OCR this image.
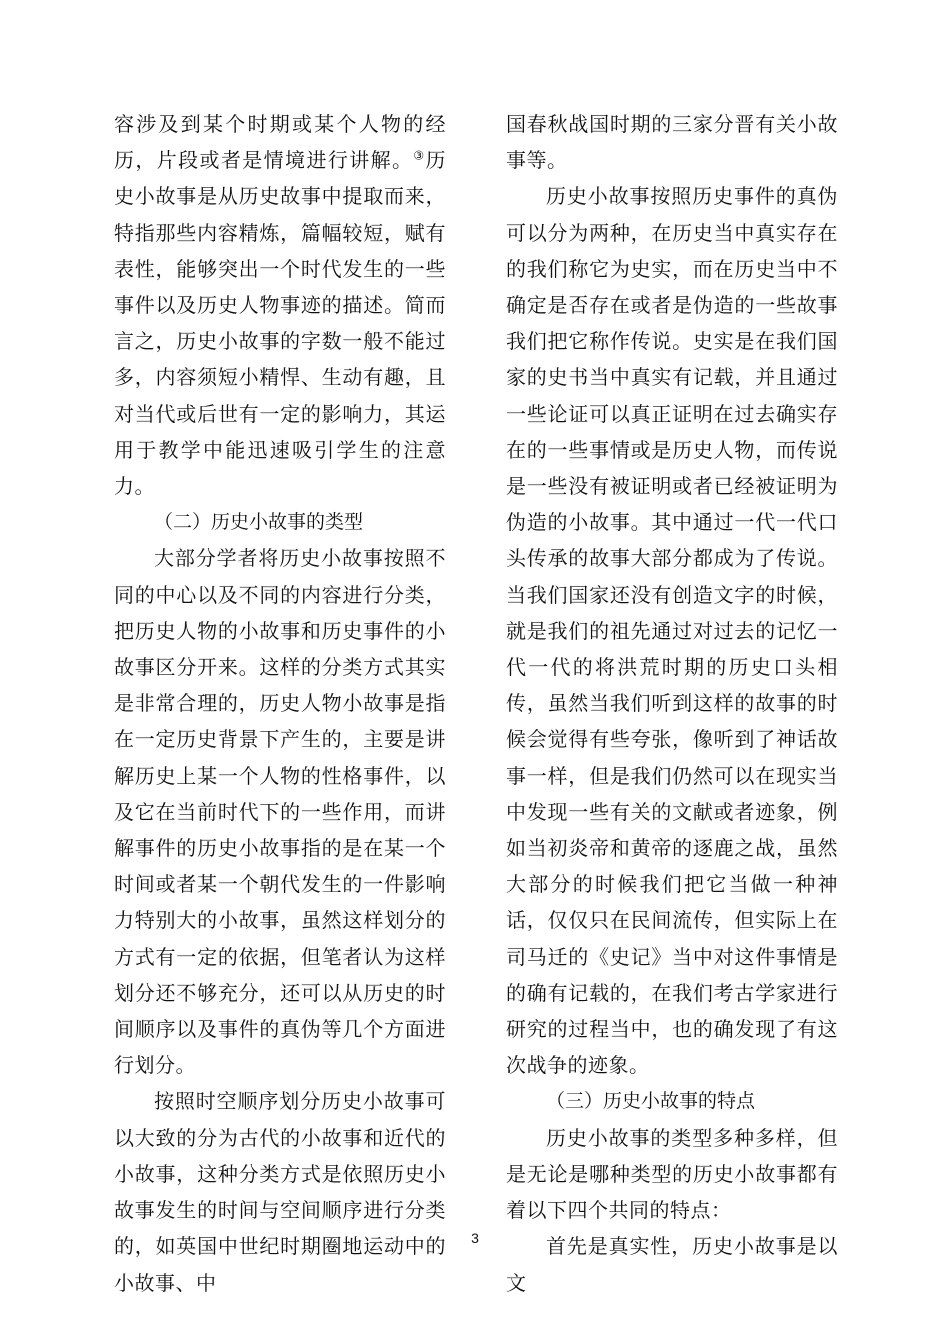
容涉及到某个时期或某个人物的经历，片段或者是情境进行讲解。③历史小故事是从历史故事中提取而来，特指那些内容精炼，篇幅较短，赋有表性，能够突出一个时代发生的一些事件以及历史人物事迹的描述。简而言之，历史小故事的字数一般不能过多，内容须短小精悍、生动有趣，且对当代或后世有一定的影响力，其运用于教学中能迅速吸引学生的注意力。

（二）历史小故事的类型

大部分学者将历史小故事按照不同的中心以及不同的内容进行分类，把历史人物的小故事和历史事件的小故事区分开来。这样的分类方式其实是非常合理的，历史人物小故事是指在一定历史背景下产生的，主要是讲解历史上某一个人物的性格事件，以及它在当前时代下的一些作用，而讲解事件的历史小故事指的是在某一个时间或者某一个朝代发生的一件影响力特别大的小故事，虽然这样划分的方式有一定的依据，但笔者认为这样划分还不够充分，还可以从历史的时间顺序以及事件的真伪等几个方面进行划分。

按照时空顺序划分历史小故事可以大致的分为古代的小故事和近代的小故事，这种分类方式是依照历史小故事发生的时间与空间顺序进行分类的，如英国中世纪时期圈地运动中的小故事、中

国春秋战国时期的三家分晋有关小故事等。

历史小故事按照历史事件的真伪可以分为两种，在历史当中真实存在的我们称它为史实，而在历史当中不确定是否存在或者是伪造的一些故事我们把它称作传说。史实是在我们国家的史书当中真实有记载，并且通过一些论证可以真正证明在过去确实存在的一些事情或是历史人物，而传说是一些没有被证明或者已经被证明为伪造的小故事。其中通过一代一代口头传承的故事大部分都成为了传说。当我们国家还没有创造文字的时候，就是我们的祖先通过对过去的记忆一代一代的将洪荒时期的历史口头相传，虽然当我们听到这样的故事的时候会觉得有些夸张，像听到了神话故事一样，但是我们仍然可以在现实当中发现一些有关的文献或者迹象，例如当初炎帝和黄帝的逐鹿之战，虽然大部分的时候我们把它当做一种神话，仅仅只在民间流传，但实际上在司马迁的《史记》当中对这件事情是的确有记载的，在我们考古学家进行研究的过程当中，也的确发现了有这次战争的迹象。

（三）历史小故事的特点

历史小故事的类型多种多样，但是无论是哪种类型的历史小故事都有着以下四个共同的特点：

首先是真实性，历史小故事是以文

3
